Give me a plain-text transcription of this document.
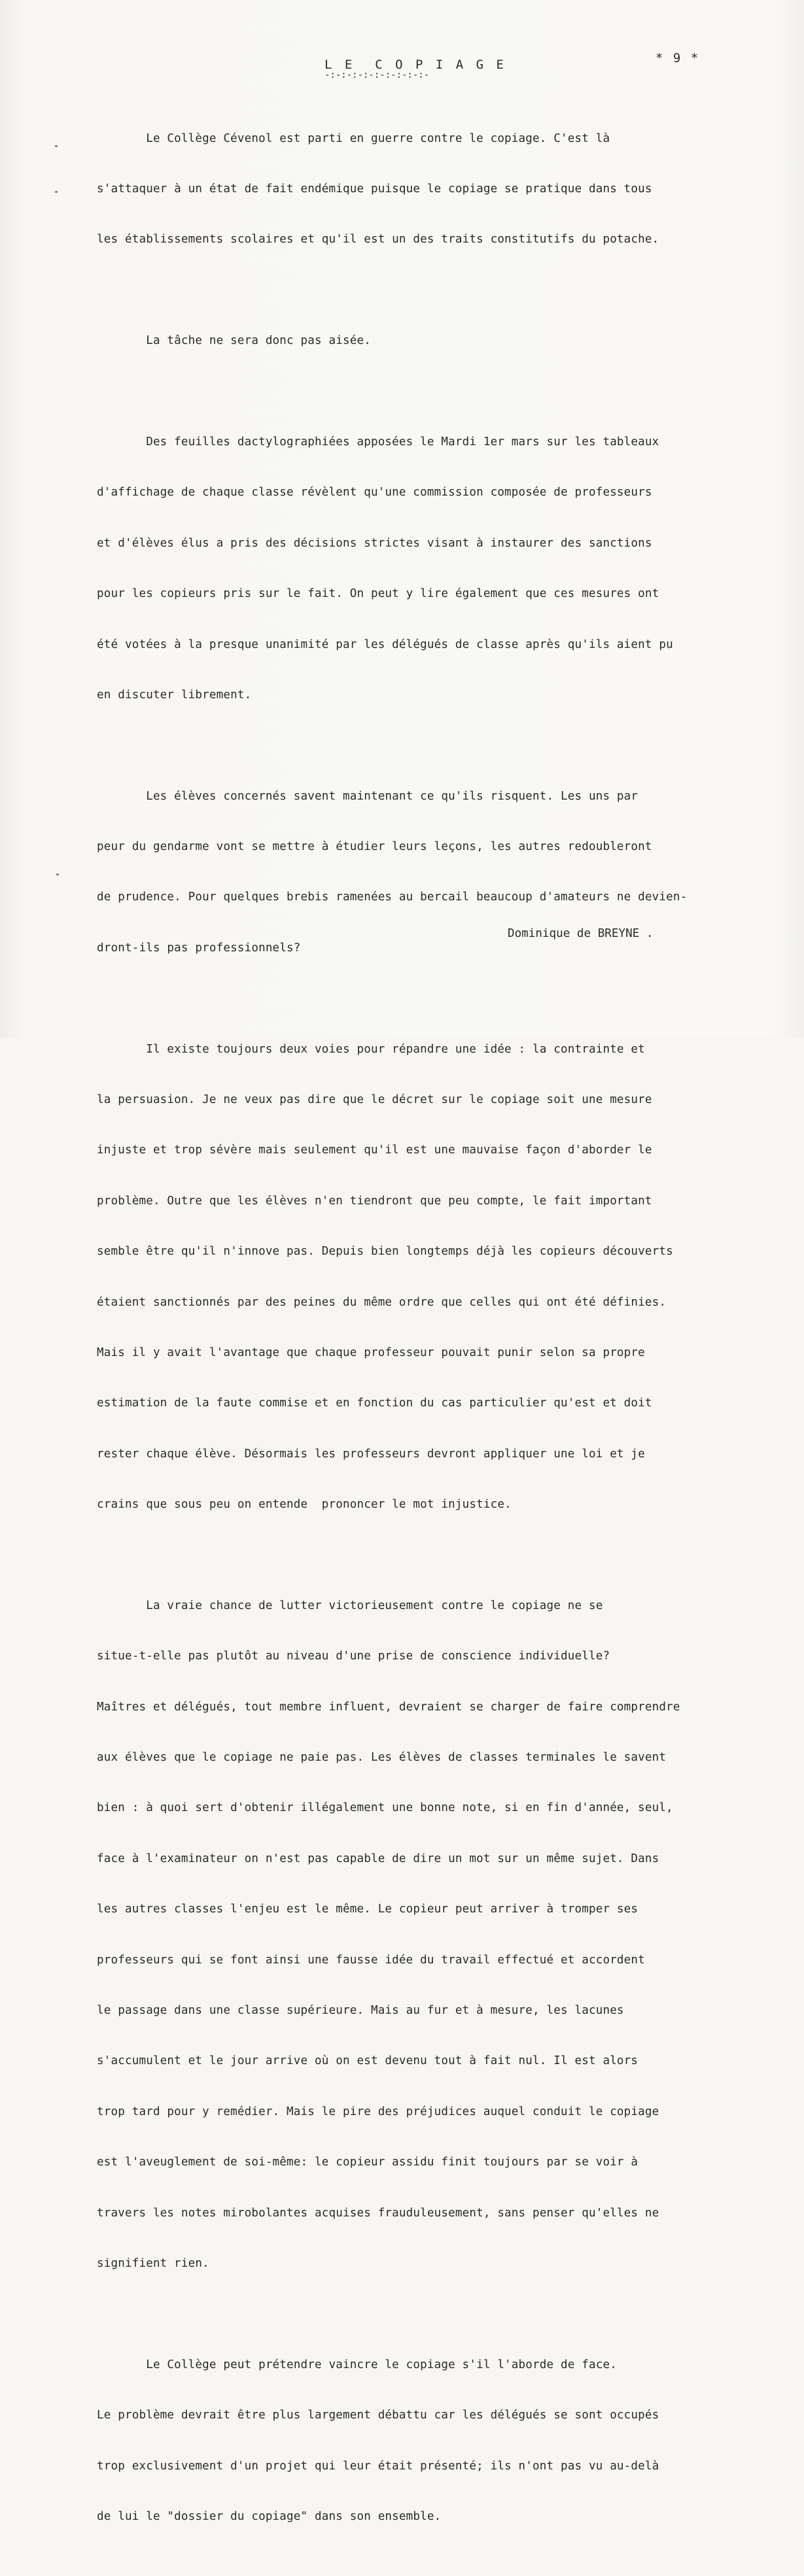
* 9 *
L E  C O P I A G E
-:-:-:-:-:-:-:-:-:-

Le Collège Cévenol est parti en guerre contre le copiage. C'est là

s'attaquer à un état de fait endémique puisque le copiage se pratique dans tous

les établissements scolaires et qu'il est un des traits constitutifs du potache.

La tâche ne sera donc pas aisée.

Des feuilles dactylographiées apposées le Mardi 1er mars sur les tableaux

d'affichage de chaque classe révèlent qu'une commission composée de professeurs

et d'élèves élus a pris des décisions strictes visant à instaurer des sanctions

pour les copieurs pris sur le fait. On peut y lire également que ces mesures ont

été votées à la presque unanimité par les délégués de classe après qu'ils aient pu

en discuter librement.

Les élèves concernés savent maintenant ce qu'ils risquent. Les uns par

peur du gendarme vont se mettre à étudier leurs leçons, les autres redoubleront

de prudence. Pour quelques brebis ramenées au bercail beaucoup d'amateurs ne devien-

dront-ils pas professionnels?

Il existe toujours deux voies pour répandre une idée : la contrainte et

la persuasion. Je ne veux pas dire que le décret sur le copiage soit une mesure

injuste et trop sévère mais seulement qu'il est une mauvaise façon d'aborder le

problème. Outre que les élèves n'en tiendront que peu compte, le fait important

semble être qu'il n'innove pas. Depuis bien longtemps déjà les copieurs découverts

étaient sanctionnés par des peines du même ordre que celles qui ont été définies.

Mais il y avait l'avantage que chaque professeur pouvait punir selon sa propre

estimation de la faute commise et en fonction du cas particulier qu'est et doit

rester chaque élève. Désormais les professeurs devront appliquer une loi et je

crains que sous peu on entende  prononcer le mot injustice.

La vraie chance de lutter victorieusement contre le copiage ne se

situe-t-elle pas plutôt au niveau d'une prise de conscience individuelle?

Maîtres et délégués, tout membre influent, devraient se charger de faire comprendre

aux élèves que le copiage ne paie pas. Les élèves de classes terminales le savent

bien : à quoi sert d'obtenir illégalement une bonne note, si en fin d'année, seul,

face à l'examinateur on n'est pas capable de dire un mot sur un même sujet. Dans

les autres classes l'enjeu est le même. Le copieur peut arriver à tromper ses

professeurs qui se font ainsi une fausse idée du travail effectué et accordent

le passage dans une classe supérieure. Mais au fur et à mesure, les lacunes

s'accumulent et le jour arrive où on est devenu tout à fait nul. Il est alors

trop tard pour y remédier. Mais le pire des préjudices auquel conduit le copiage

est l'aveuglement de soi-même: le copieur assidu finit toujours par se voir à

travers les notes mirobolantes acquises frauduleusement, sans penser qu'elles ne

signifient rien.

Le Collège peut prétendre vaincre le copiage s'il l'aborde de face.

Le problème devrait être plus largement débattu car les délégués se sont occupés

trop exclusivement d'un projet qui leur était présenté; ils n'ont pas vu au-delà

de lui le "dossier du copiage" dans son ensemble.

Dominique de BREYNE .
